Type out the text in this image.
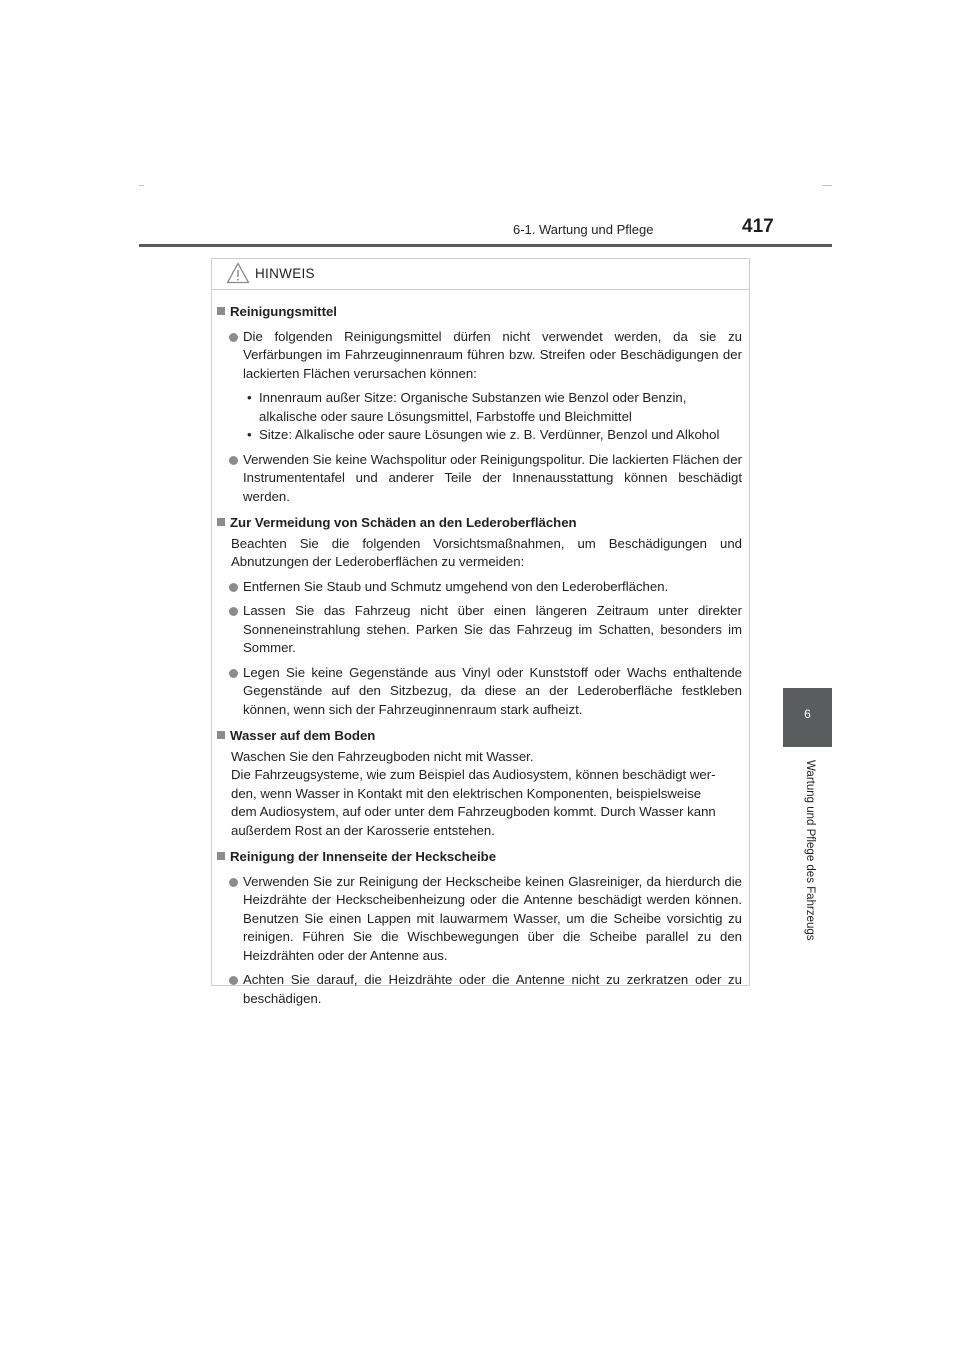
6-1. Wartung und Pflege	417
6
Wartung und Pflege des Fahrzeugs
HINWEIS
Reinigungsmittel
Die folgenden Reinigungsmittel dürfen nicht verwendet werden, da sie zu Verfärbungen im Fahrzeuginnenraum führen bzw. Streifen oder Beschädigungen der lackierten Flächen verursachen können:
• Innenraum außer Sitze: Organische Substanzen wie Benzol oder Benzin, alkalische oder saure Lösungsmittel, Farbstoffe und Bleichmittel
• Sitze: Alkalische oder saure Lösungen wie z. B. Verdünner, Benzol und Alkohol
Verwenden Sie keine Wachspolitur oder Reinigungspolitur. Die lackierten Flächen der Instrumententafel und anderer Teile der Innenausstattung können beschädigt werden.
Zur Vermeidung von Schäden an den Lederoberflächen
Beachten Sie die folgenden Vorsichtsmaßnahmen, um Beschädigungen und Abnutzungen der Lederoberflächen zu vermeiden:
Entfernen Sie Staub und Schmutz umgehend von den Lederoberflächen.
Lassen Sie das Fahrzeug nicht über einen längeren Zeitraum unter direkter Sonneneinstrahlung stehen. Parken Sie das Fahrzeug im Schatten, besonders im Sommer.
Legen Sie keine Gegenstände aus Vinyl oder Kunststoff oder Wachs enthaltende Gegenstände auf den Sitzbezug, da diese an der Lederoberfläche festkleben können, wenn sich der Fahrzeuginnenraum stark aufheizt.
Wasser auf dem Boden
Waschen Sie den Fahrzeugboden nicht mit Wasser.
Die Fahrzeugsysteme, wie zum Beispiel das Audiosystem, können beschädigt wer-
den, wenn Wasser in Kontakt mit den elektrischen Komponenten, beispielsweise
dem Audiosystem, auf oder unter dem Fahrzeugboden kommt. Durch Wasser kann
außerdem Rost an der Karosserie entstehen.
Reinigung der Innenseite der Heckscheibe
Verwenden Sie zur Reinigung der Heckscheibe keinen Glasreiniger, da hierdurch die Heizdrähte der Heckscheibenheizung oder die Antenne beschädigt werden können. Benutzen Sie einen Lappen mit lauwarmem Wasser, um die Scheibe vorsichtig zu reinigen. Führen Sie die Wischbewegungen über die Scheibe parallel zu den Heizdrähten oder der Antenne aus.
Achten Sie darauf, die Heizdrähte oder die Antenne nicht zu zerkratzen oder zu beschädigen.
